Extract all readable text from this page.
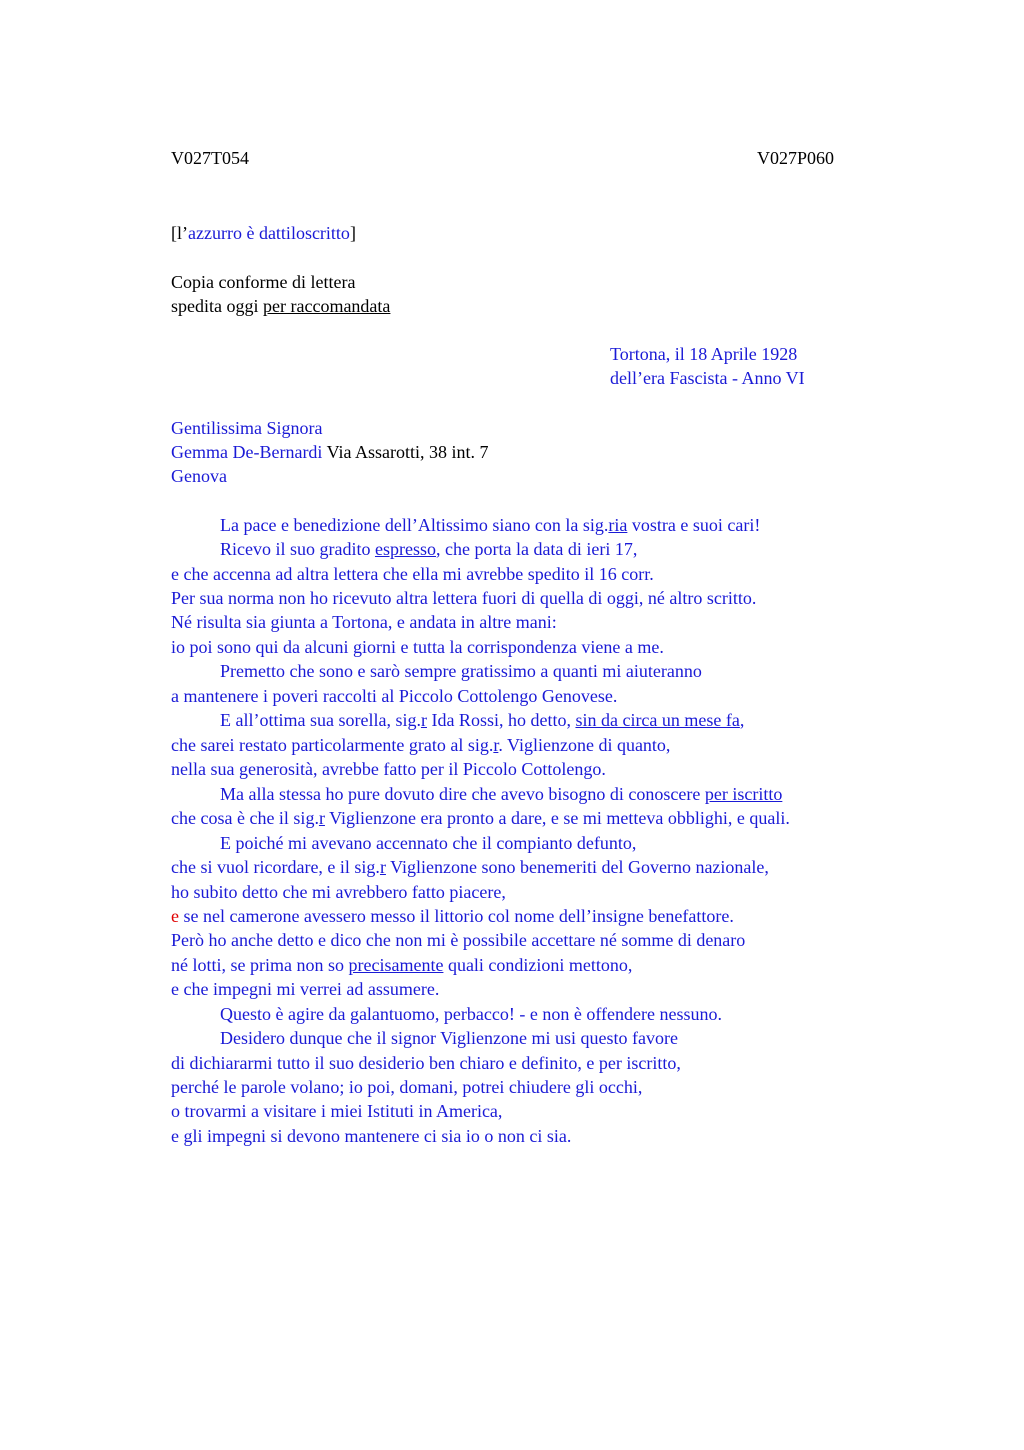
V027T054	V027P060
[l’azzurro è dattiloscritto]
Copia conforme di lettera
spedita oggi per raccomandata
Tortona, il 18 Aprile 1928
dell’era Fascista - Anno VI
Gentilissima Signora
Gemma De-Bernardi Via Assarotti, 38 int. 7
Genova
La pace e benedizione dell’Altissimo siano con la sig.ria vostra e suoi cari!
Ricevo il suo gradito espresso, che porta la data di ieri 17,
e che accenna ad altra lettera che ella mi avrebbe spedito il 16 corr.
Per sua norma non ho ricevuto altra lettera fuori di quella di oggi, né altro scritto.
Né risulta sia giunta a Tortona, e andata in altre mani:
io poi sono qui da alcuni giorni e tutta la corrispondenza viene a me.
Premetto che sono e sarò sempre gratissimo a quanti mi aiuteranno
a mantenere i poveri raccolti al Piccolo Cottolengo Genovese.
E all’ottima sua sorella, sig.r Ida Rossi, ho detto, sin da circa un mese fa,
che sarei restato particolarmente grato al sig.r. Viglienzone di quanto,
nella sua generosità, avrebbe fatto per il Piccolo Cottolengo.
Ma alla stessa ho pure dovuto dire che avevo bisogno di conoscere per iscritto
che cosa è che il sig.r Viglienzone era pronto a dare, e se mi metteva obblighi, e quali.
E poiché mi avevano accennato che il compianto defunto,
che si vuol ricordare, e il sig.r Viglienzone sono benemeriti del Governo nazionale,
ho subito detto che mi avrebbero fatto piacere,
e se nel camerone avessero messo il littorio col nome dell’insigne benefattore.
Però ho anche detto e dico che non mi è possibile accettare né somme di denaro
né lotti, se prima non so precisamente quali condizioni mettono,
e che impegni mi verrei ad assumere.
Questo è agire da galantuomo, perbacco! - e non è offendere nessuno.
Desidero dunque che il signor Viglienzone mi usi questo favore
di dichiararmi tutto il suo desiderio ben chiaro e definito, e per iscritto,
perché le parole volano; io poi, domani, potrei chiudere gli occhi,
o trovarmi a visitare i miei Istituti in America,
e gli impegni si devono mantenere ci sia io o non ci sia.
